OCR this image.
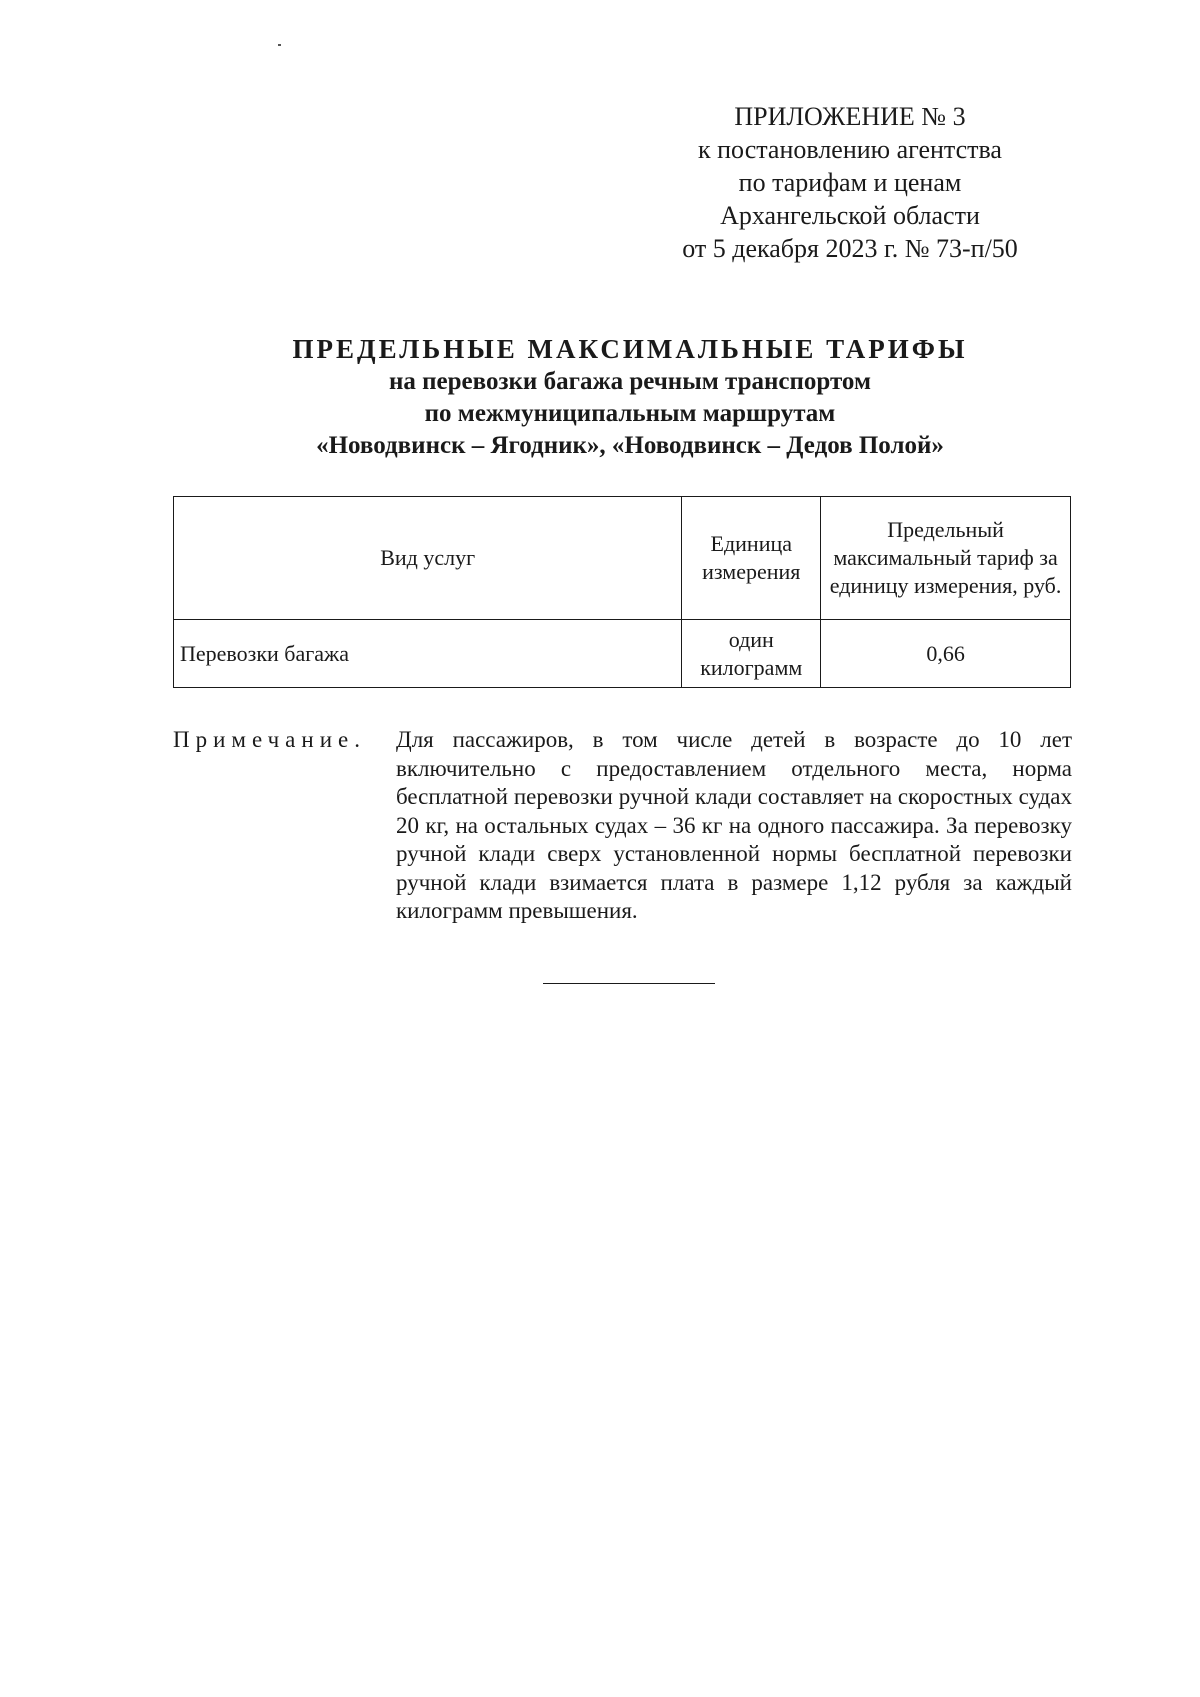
ПРИЛОЖЕНИЕ № 3
к постановлению агентства
по тарифам и ценам
Архангельской области
от 5 декабря 2023 г. № 73-п/50
ПРЕДЕЛЬНЫЕ МАКСИМАЛЬНЫЕ ТАРИФЫ
на перевозки багажа речным транспортом
по межмуниципальным маршрутам
«Новодвинск – Ягодник», «Новодвинск – Дедов Полой»
Вид услуг	Единица измерения	Предельный максимальный тариф за единицу измерения, руб.
Перевозки багажа	один килограмм	0,66
Примечание. Для пассажиров, в том числе детей в возрасте до 10 лет включительно с предоставлением отдельного места, норма бесплатной перевозки ручной клади составляет на скоростных судах 20 кг, на остальных судах – 36 кг на одного пассажира. За перевозку ручной клади сверх установленной нормы бесплатной перевозки ручной клади взимается плата в размере 1,12 рубля за каждый килограмм превышения.
